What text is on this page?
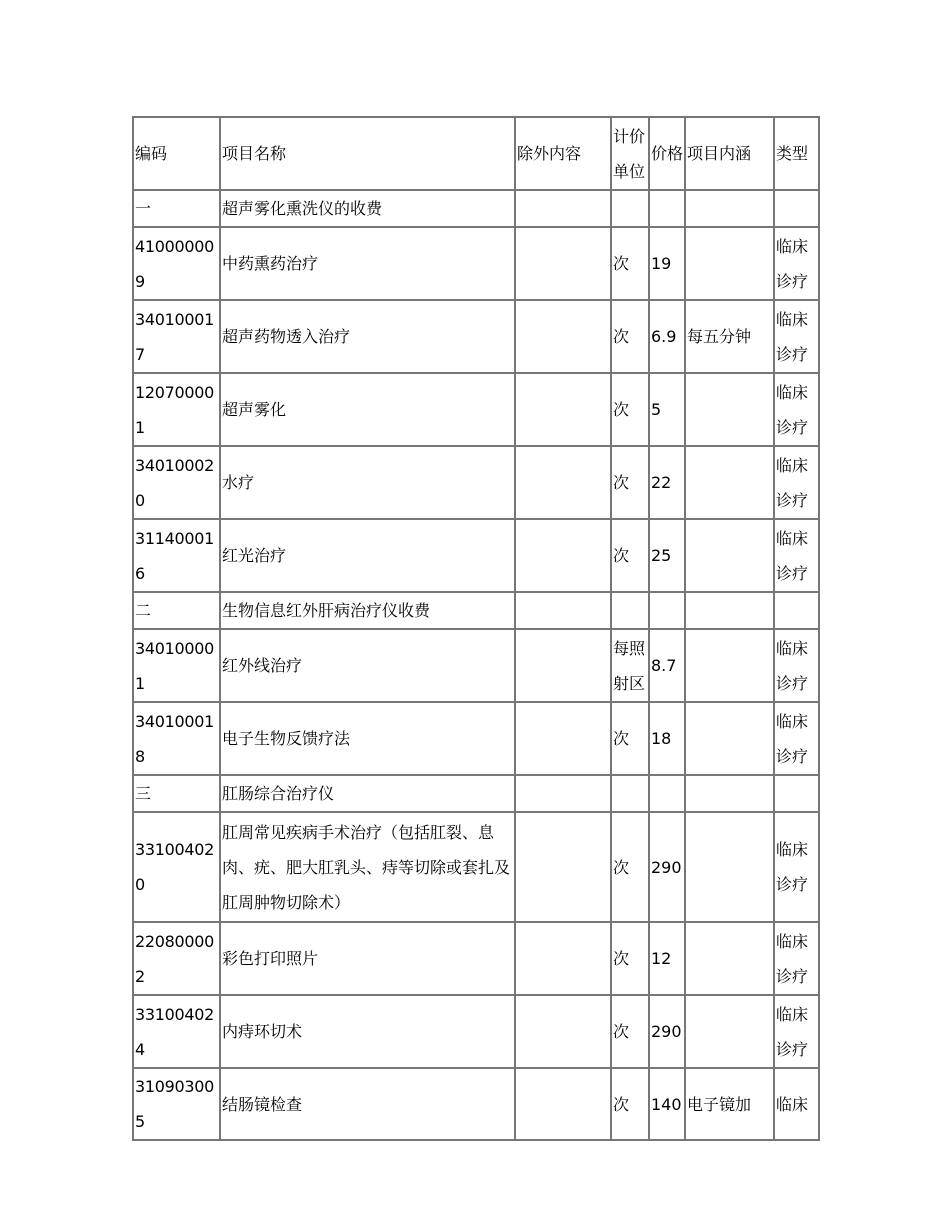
编码	项目名称	除外内容	计价单位	价格	项目内涵	类型
一	超声雾化熏洗仪的收费					
410000009	中药熏药治疗		次	19		临床诊疗
340100017	超声药物透入治疗		次	6.9	每五分钟	临床诊疗
120700001	超声雾化		次	5		临床诊疗
340100020	水疗		次	22		临床诊疗
311400016	红光治疗		次	25		临床诊疗
二	生物信息红外肝病治疗仪收费					
340100001	红外线治疗		每照射区	8.7		临床诊疗
340100018	电子生物反馈疗法		次	18		临床诊疗
三	肛肠综合治疗仪					
331004020	肛周常见疾病手术治疗（包括肛裂、息肉、疣、肥大肛乳头、痔等切除或套扎及肛周肿物切除术）		次	290		临床诊疗
220800002	彩色打印照片		次	12		临床诊疗
331004024	内痔环切术		次	290		临床诊疗
310903005	结肠镜检查		次	140	电子镜加	临床
